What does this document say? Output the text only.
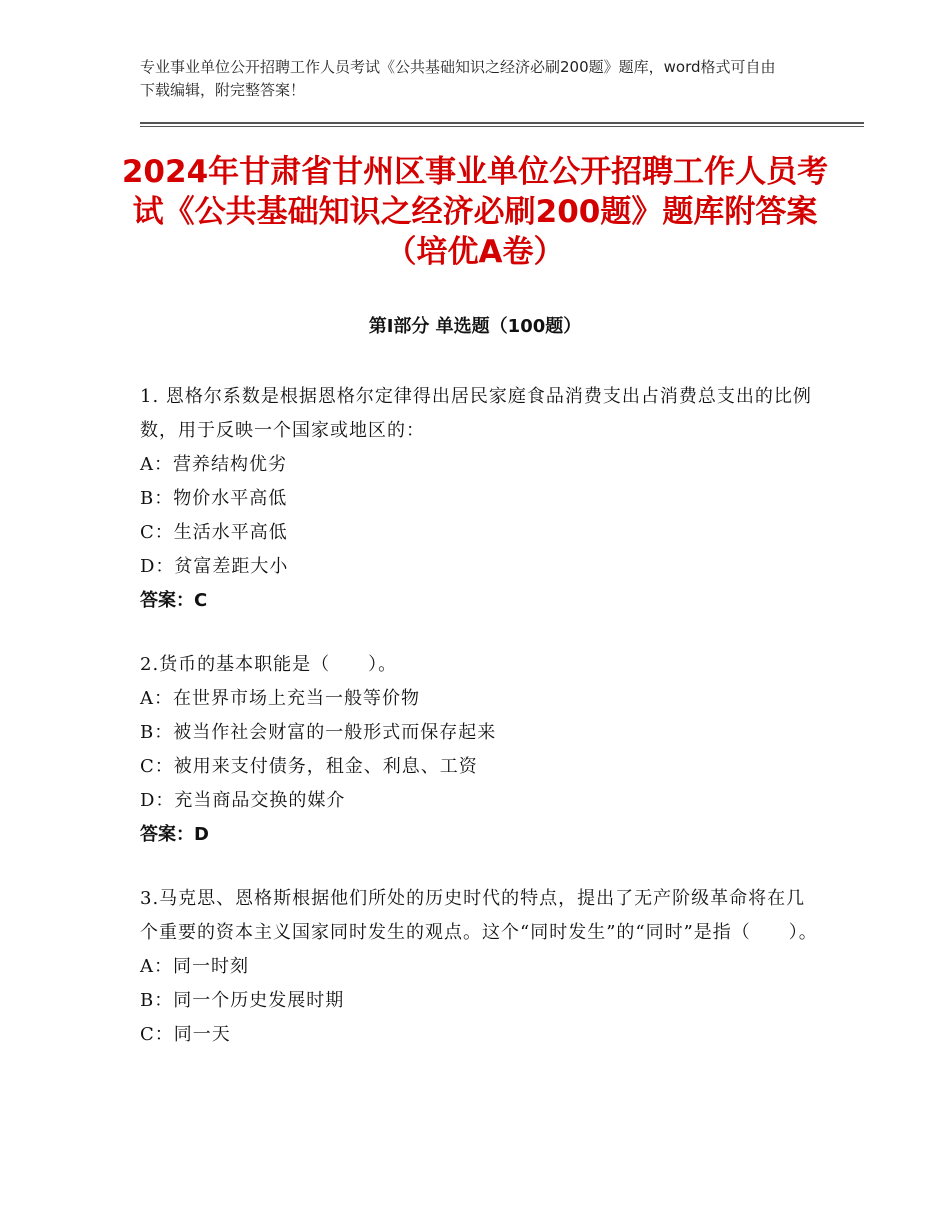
专业事业单位公开招聘工作人员考试《公共基础知识之经济必刷200题》题库，word格式可自由下载编辑，附完整答案！
2024年甘肃省甘州区事业单位公开招聘工作人员考试《公共基础知识之经济必刷200题》题库附答案（培优A卷）
第Ⅰ部分 单选题（100题）

1. 恩格尔系数是根据恩格尔定律得出居民家庭食品消费支出占消费总支出的比例数，用于反映一个国家或地区的：

A：营养结构优劣

B：物价水平高低

C：生活水平高低

D：贫富差距大小

答案：C

2.货币的基本职能是（　　）。

A：在世界市场上充当一般等价物

B：被当作社会财富的一般形式而保存起来

C：被用来支付债务，租金、利息、工资

D：充当商品交换的媒介

答案：D

3.马克思、恩格斯根据他们所处的历史时代的特点，提出了无产阶级革命将在几个重要的资本主义国家同时发生的观点。这个“同时发生”的“同时”是指（　　）。

A：同一时刻

B：同一个历史发展时期

C：同一天
